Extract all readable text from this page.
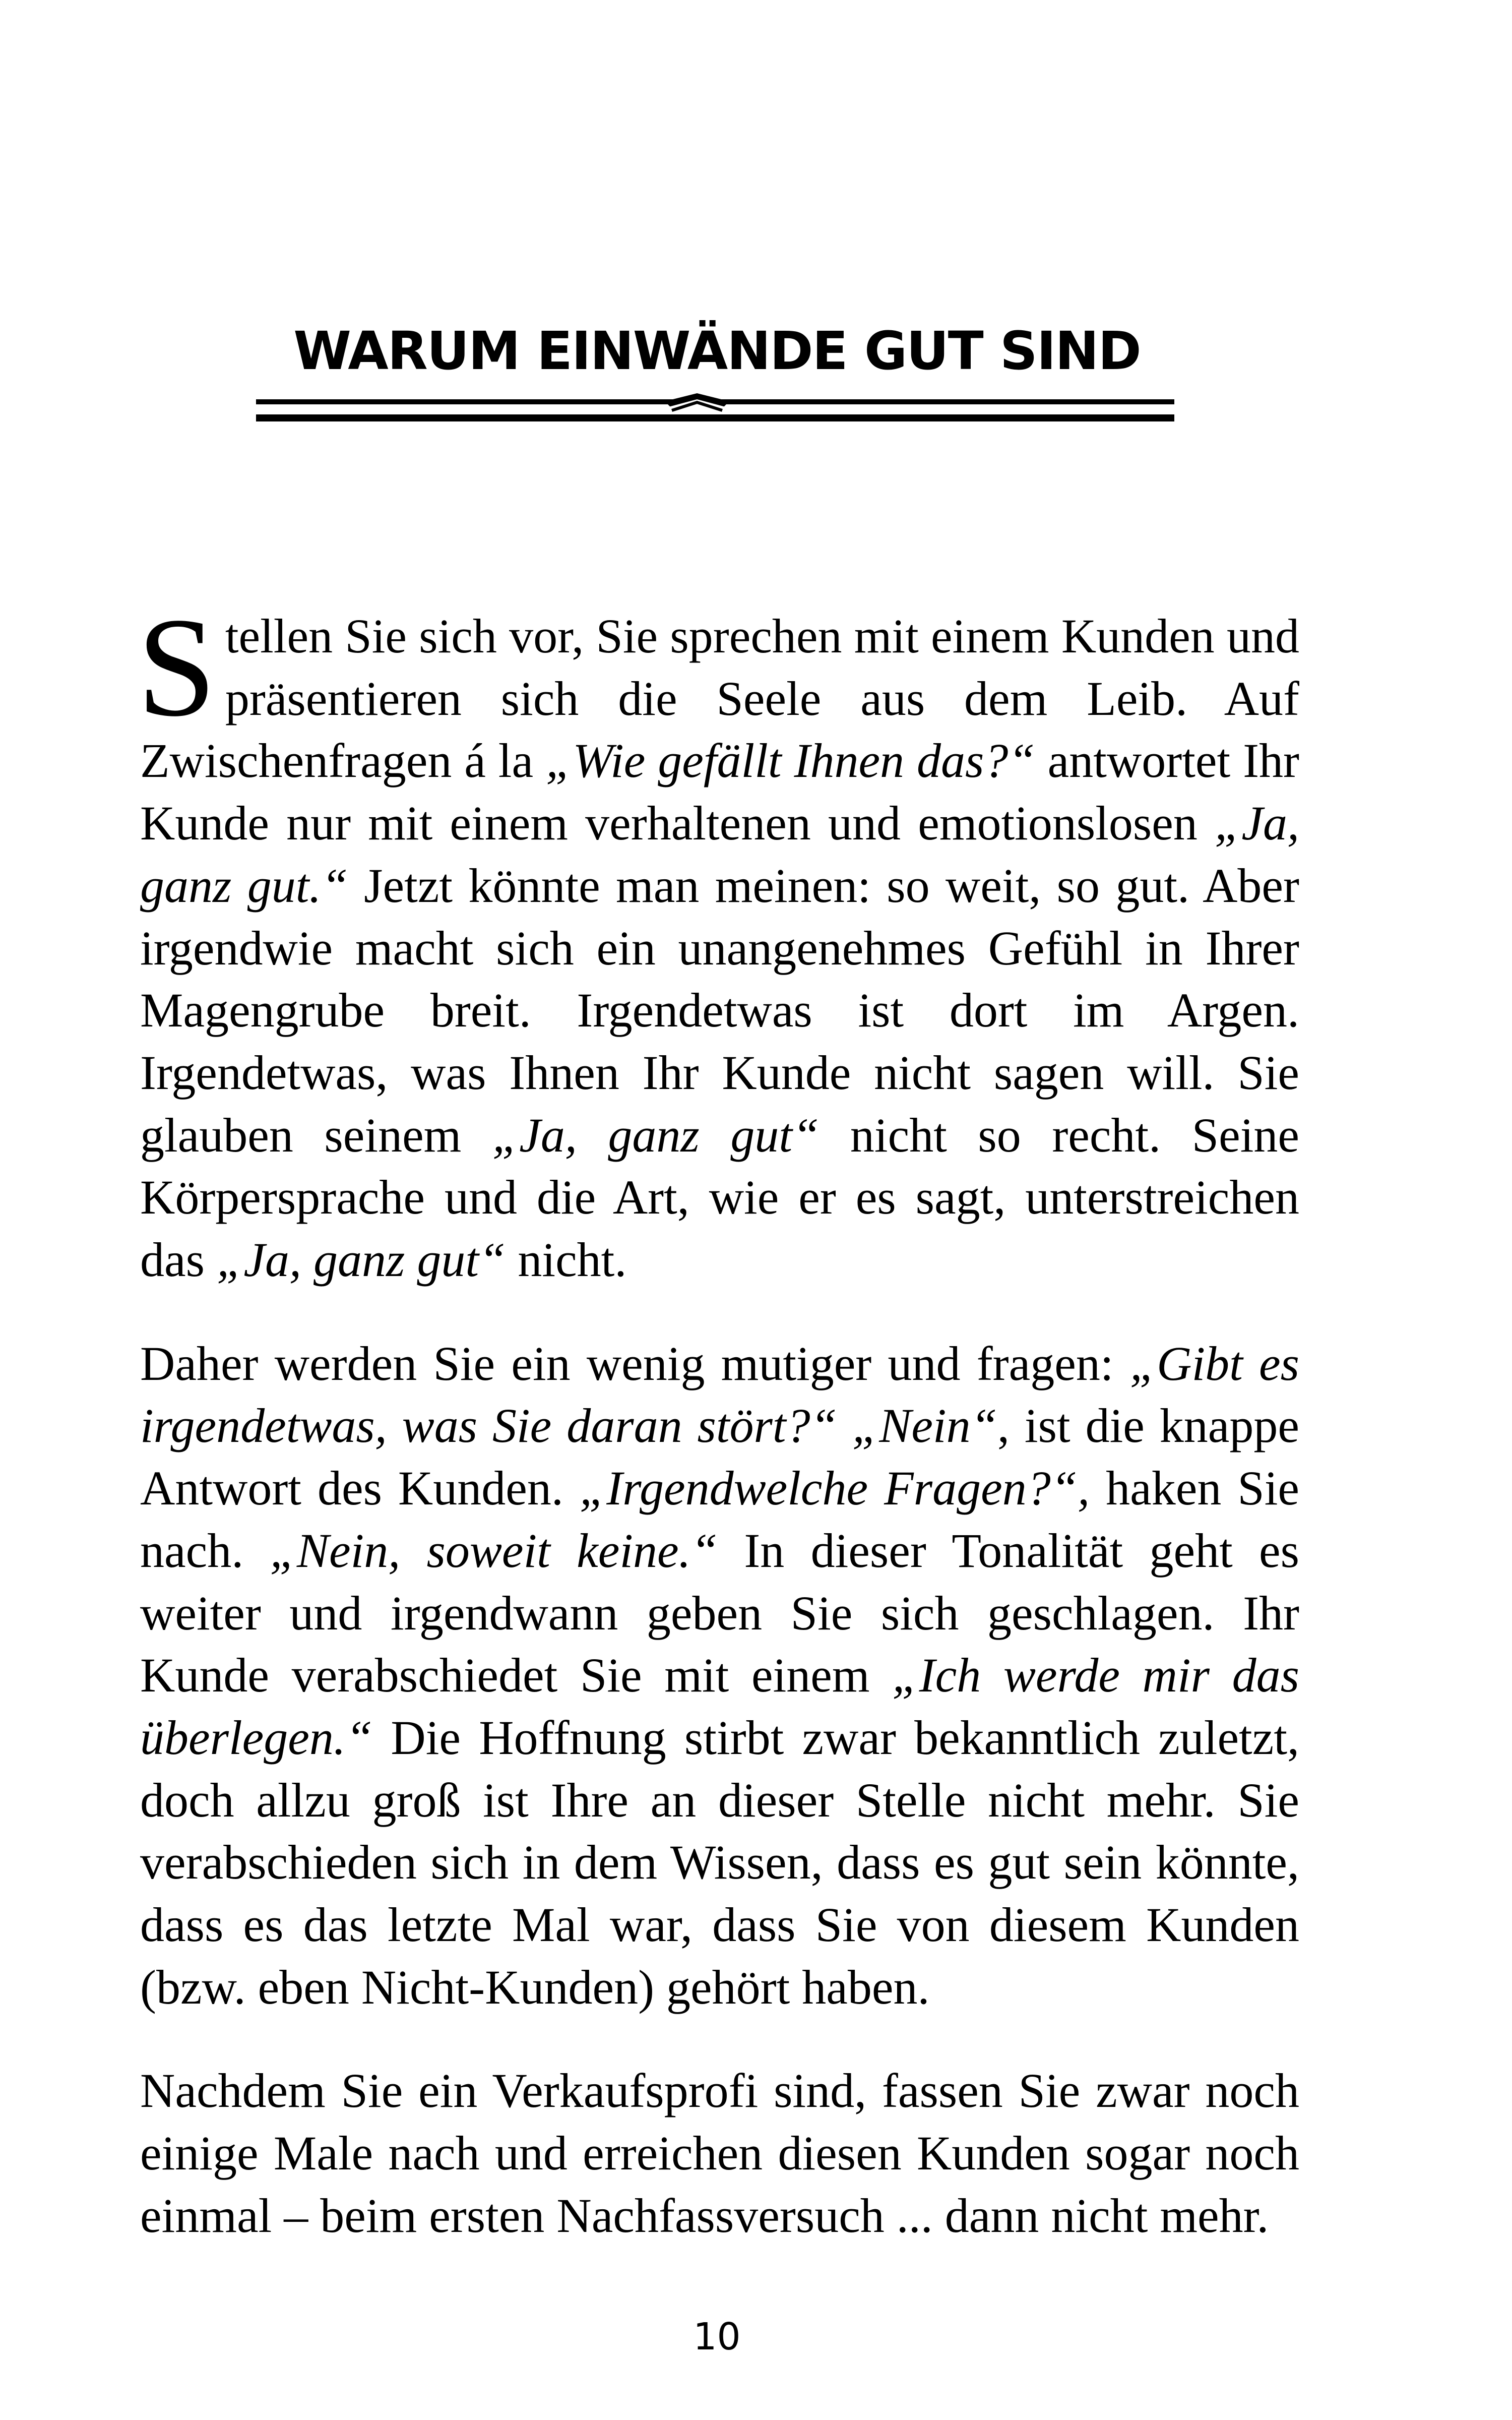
WARUM EINWÄNDE GUT SIND

Stellen Sie sich vor, Sie sprechen mit einem Kunden und präsentieren sich die Seele aus dem Leib. Auf Zwischenfragen á la „Wie gefällt Ihnen das?“ antwortet Ihr Kunde nur mit einem verhaltenen und emotionslosen „Ja, ganz gut.“ Jetzt könnte man meinen: so weit, so gut. Aber irgendwie macht sich ein unangenehmes Gefühl in Ihrer Magengrube breit. Irgendetwas ist dort im Argen. Irgendetwas, was Ihnen Ihr Kunde nicht sagen will. Sie glauben seinem „Ja, ganz gut“ nicht so recht. Seine Körpersprache und die Art, wie er es sagt, unterstreichen das „Ja, ganz gut“ nicht.

Daher werden Sie ein wenig mutiger und fragen: „Gibt es irgendetwas, was Sie daran stört?“ „Nein“, ist die knappe Antwort des Kunden. „Irgendwelche Fragen?“, haken Sie nach. „Nein, soweit keine.“ In dieser Tonalität geht es weiter und irgendwann geben Sie sich geschlagen. Ihr Kunde verabschiedet Sie mit einem „Ich werde mir das überlegen.“ Die Hoffnung stirbt zwar bekanntlich zuletzt, doch allzu groß ist Ihre an dieser Stelle nicht mehr. Sie verabschieden sich in dem Wissen, dass es gut sein könnte, dass es das letzte Mal war, dass Sie von diesem Kunden (bzw. eben Nicht-Kunden) gehört haben.

Nachdem Sie ein Verkaufsprofi sind, fassen Sie zwar noch einige Male nach und erreichen diesen Kunden sogar noch einmal – beim ersten Nachfassversuch ... dann nicht mehr.

10
